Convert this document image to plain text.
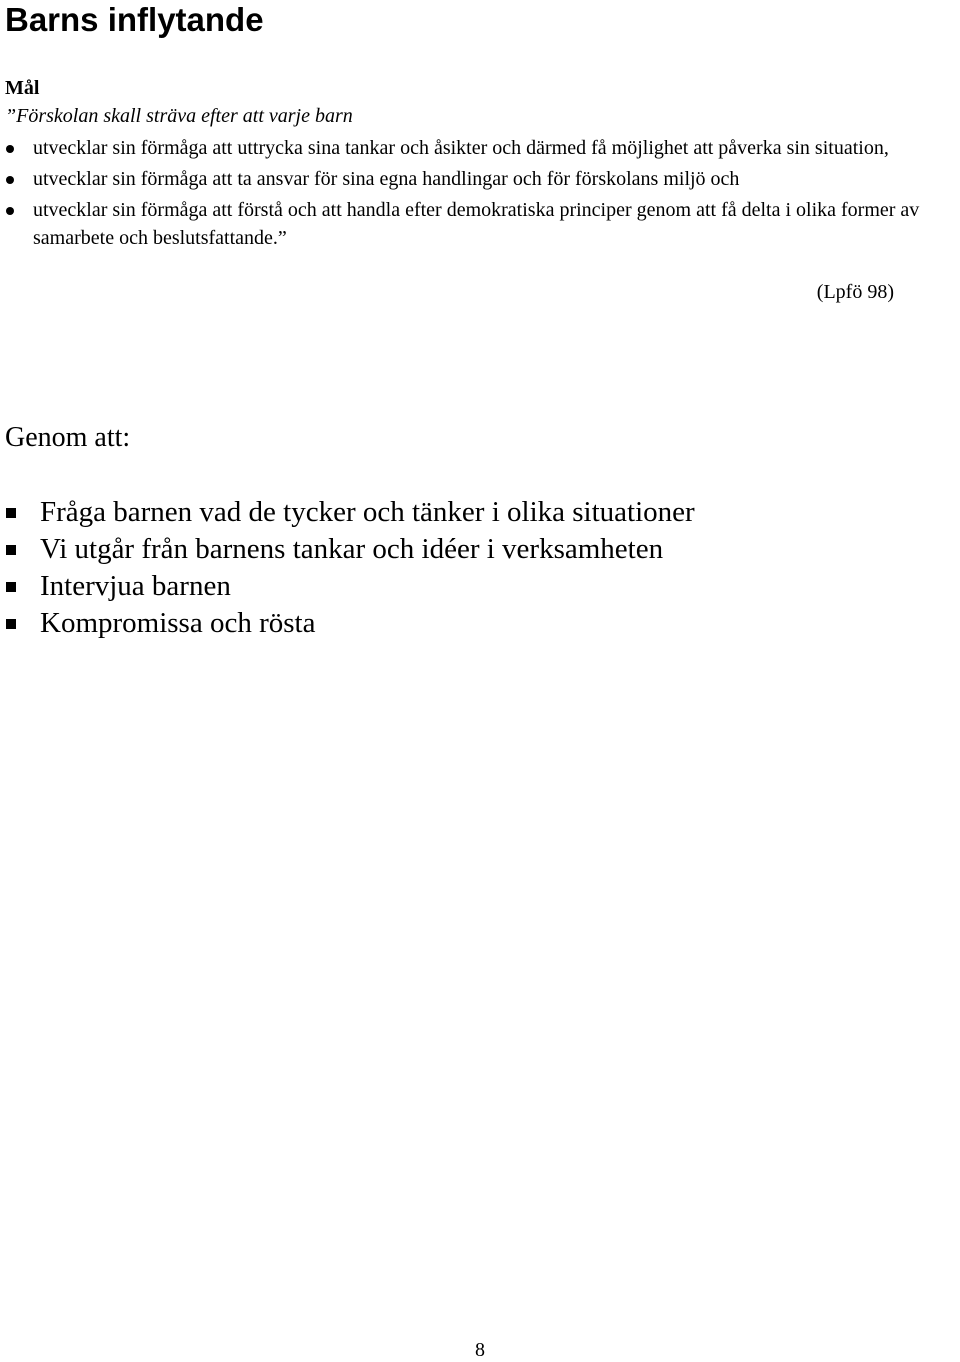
Barns inflytande

Mål

”Förskolan skall sträva efter att varje barn

utvecklar sin förmåga att uttrycka sina tankar och åsikter och därmed få möjlighet att påverka sin situation,
utvecklar sin förmåga att ta ansvar för sina egna handlingar och för förskolans miljö och
utvecklar sin förmåga att förstå och att handla efter demokratiska principer genom att få delta i olika former av samarbete och beslutsfattande.”

(Lpfö 98)

Genom att:

Fråga barnen vad de tycker och tänker i olika situationer
Vi utgår från barnens tankar och idéer i verksamheten
Intervjua barnen
Kompromissa och rösta

8
